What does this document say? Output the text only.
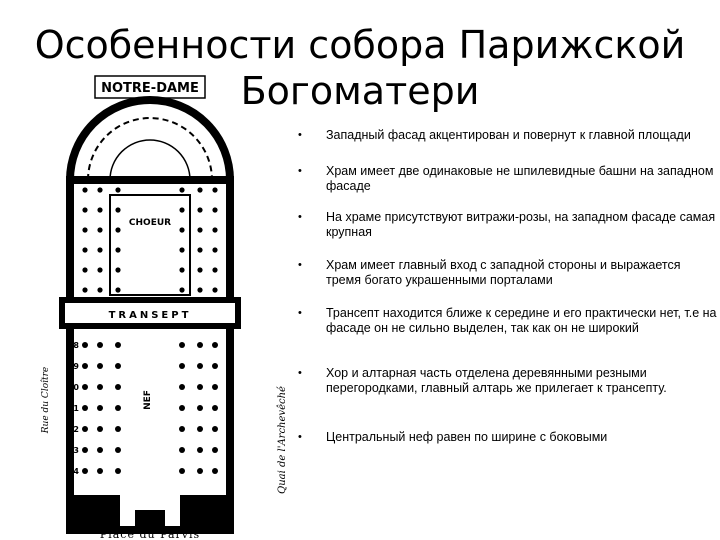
Особенности собора Парижской Богоматери
NOTRE-DAME
TRANSEPT
CHOEUR
NEF
8
9
10
11
12
13
14
Rue du Cloître	Quai de l'Archevêché
Place du Parvis
• Западный фасад акцентирован и повернут к главной площади
• Храм имеет две одинаковые не шпилевидные башни на западном фасаде
• На храме присутствуют витражи-розы, на западном фасаде самая крупная
• Храм имеет главный вход с западной стороны и выражается тремя богато украшенными порталами
• Трансепт находится ближе к середине и его практически нет, т.е на фасаде он не сильно выделен, так как он не широкий
• Хор и алтарная часть отделена деревянными резными перегородками, главный алтарь же прилегает к трансепту.
• Центральный неф равен по ширине с боковыми
